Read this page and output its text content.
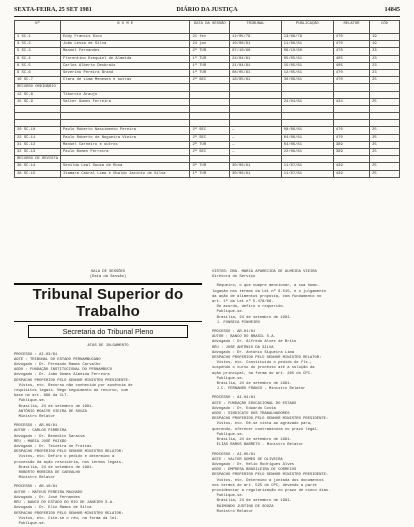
SEXTA-FEIRA, 25 SET 1981	DIÁRIO DA JUSTIÇA	14845
Nº	N O M E	DATA DA SESSÃO	TRIBUNAL	PUBLICAÇÃO	RELATOR	CÓD
1 SC-1	Eddy Francis Sico	21 fev	12/05/79	13/06/79	470	19
3 SC-2	João Lessa de Silva	24 jan	10/06/81	11/06/81	470	19
5 SC-3	Manoel Fernandes	2ª TUR	07/10/80	09/10/80	470	23
6 SC-4	Florentino Ezequiel de Almeida	1ª TUR	24/04/81	05/05/81	405	23
8 SC-5	Carlos Alberto Desbrais	1ª TUR	21/04/81	15/05/81	405	23
9 SC-6	Severino Pereira Brand	1ª TUR	08/05/81	12/05/81	470	23
10 SC-7	Clara de Lima Meneses e outras	2ª SEC	18/05/81	30/06/81	470	25
RECURSO ORDINÁRIO						
12 SC-8	Tiburcio Araujo					
15 SC-9	Valter Gomes Ferreira			24/04/81	434	25

20 SC-10	Paulo Roberto Nascimento Pereira	2ª SEC	—	08/06/81	470	25
22 SC-11	Paulo Roberto de Nogueira Vieira	2ª SEC	—	04/06/81	470	25
31 SC-12	Manoel Carneiro e outros	2ª TUR	—	04/06/81	389	25
32 SC-13	Paulo Bomes Ferreira	2ª SEC	—	22/06/81	389	25
RECURSO DE REVISTA						
36 SC-14	Genilda Leal Souza de Rosa	3ª TUR	30/06/81	11/07/81	439	25
38 SC-15	Itamara Cabral Lima e Ubaldo Jacinto de Silva	1ª TUR	30/06/81	11/07/81	439	25
SALA DE SESSÕES
(Data da Sessão)
Tribunal Superior do Trabalho
Secretaria do Tribunal Pleno
ATAS DE JULGAMENTO
PROCESSO : AI-03/81
AGTE : TRIBUNAL DO ESTADO PERNAMBUCANO
Advogado : Dr. Fernando Ramos Carvalho
AGDO : FUNDAÇÃO INSTITUCIONAL DO PERNAMBUCO
Advogado : Dr. João Gomes Almeida Ferreira
DESPACHO PROFERIDO PELO SENHOR MINISTRO PRESIDENTE:
Vistos, etc. Recurso não conhecido por ausência de
requisitos legais. Nego seguimento ao recurso, com
base no art. 896 da CLT.
Publique-se.
Brasília, 24 de setembro de 1981.
ANTÔNIO MOACYR VIEIRA DE SOUZA
Ministro Relator
PROCESSO : AR-09/81
AUTOR : CARLOS FERREIRA
Advogado : Dr. Benedito Saraiva
RÉU : MARIA JOSÉ PAIXÃO
Advogado : Dr. Teixeira de Freitas
DESPACHO PROFERIDO PELO SENHOR MINISTRO RELATOR:
Vistos, etc. Defiro o pedido e determino a
processão da ação rescisória, nos termos legais.
Brasília, 24 de setembro de 1981.
ROBERTO MOREIRA DE CARVALHO
Ministro Relator
PROCESSO : AR-10/81
AUTOR : MATEUS PEREIRA MACHADO
Advogado : Dr. José Fernandes
RÉU : BANCO DO ESTADO DO RIO DE JANEIRO S.A.
Advogado : Dr. Elio Ramos de Silva
DESPACHO PROFERIDO PELO SENHOR MINISTRO RELATOR:
Vistos, etc. Cite-se o réu, na forma da lei.
Publique-se.
VISTOS: DRA. MARIA APARECIDA DE ALMEIDA VIEIRA
Diretora do Serviço
Requeiro, o que cumpre mencionar, a sua homo-
logação nos termos da Lei nº 6.515, e o julgamento
da ação de alimentos proposta, com fundamento no
art. 1ª da Lei nº 5.478/68.
De acordo, defiro o requerido.
Publique-se.
Brasília, 24 de setembro de 1981.
J. FONSECA PINHEIRO
PROCESSO : AR-01/81
AUTOR : BANCO DO BRASIL S.A.
Advogado : Dr. Alfredo Alves de Brito
RÉU : JOSÉ ANTÔNIO DA SILVA
Advogado : Dr. Antônio Siqueira Lima
DESPACHO PROFERIDO PELO SENHOR MINISTRO RELATOR:
Vistos, etc. Constituído o pedido de fls.,
suspendo o curso do processo até a solução da
ação principal, na forma do art. 265 do CPC.
Publique-se.
Brasília, 24 de setembro de 1981.
J.C. FERNANDO FRANCO - Ministro Relator
PROCESSO : AI-04/81
AGTE : FUNDAÇÃO EDUCACIONAL DO ESTADO
Advogado : Dr. Eduardo Costa
AGDO : SINDICATO DOS TRABALHADORES
DESPACHO PROFERIDO PELO SENHOR MINISTRO PRESIDENTE:
Vistos, etc. Dê-se vista ao agravado para,
querendo, oferecer contraminuta no prazo legal.
Publique-se.
Brasília, 24 de setembro de 1981.
ELÍAS RAMOS BARRETO - Ministro Relator
PROCESSO : AI-05/81
AGTE : VALTER GOMES DE OLIVEIRA
Advogado : Dr. Hélio Rodrigues Alves
AGDO : EMPRESA BRASILEIRA DE CORREIOS
DESPACHO PROFERIDO PELO SENHOR MINISTRO PRESIDENTE:
Vistos, etc. Determino a juntada dos documentos
nos termos do art. 525 do CPC, devendo a parte
providenciar a regularização no prazo de cinco dias.
Publique-se.
Brasília, 24 de setembro de 1981.
RAIMUNDO JUSTINO DE SOUZA
Ministro Relator
